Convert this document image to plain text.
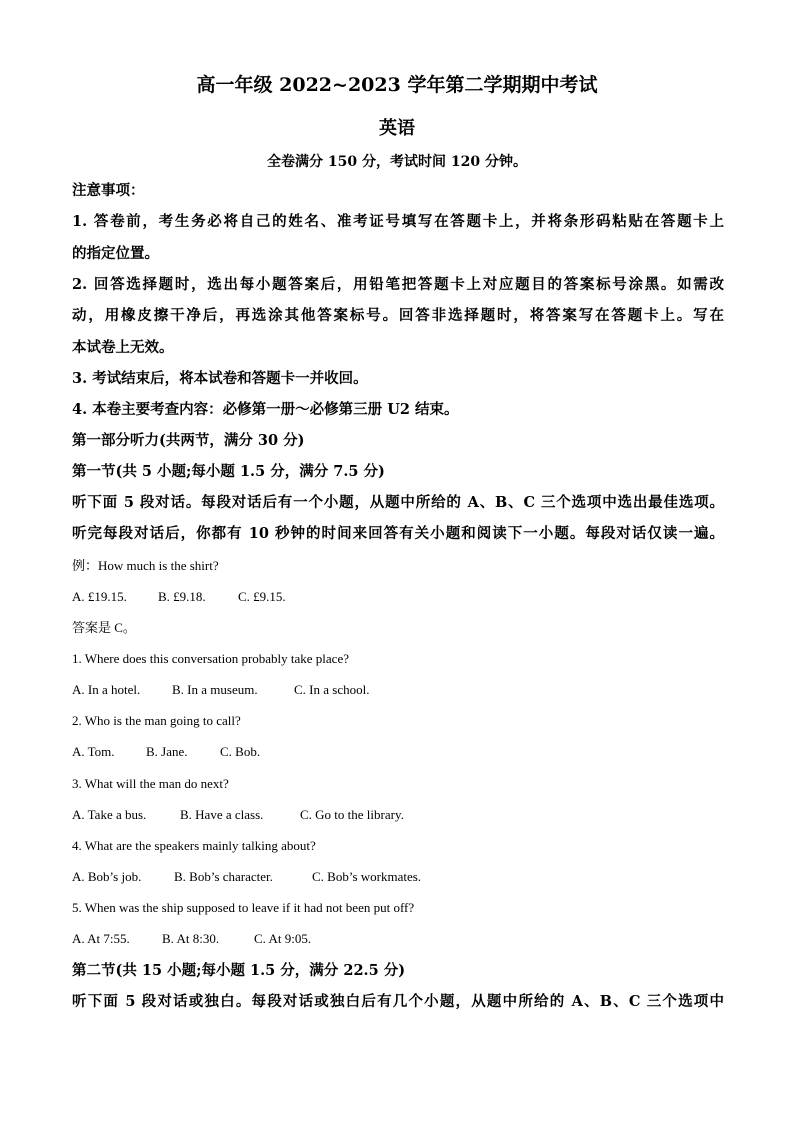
高一年级 2022~2023 学年第二学期期中考试
英语
全卷满分 150 分，考试时间 120 分钟。
注意事项：
1. 答卷前，考生务必将自己的姓名、准考证号填写在答题卡上，并将条形码粘贴在答题卡上
的指定位置。
2. 回答选择题时，选出每小题答案后，用铅笔把答题卡上对应题目的答案标号涂黑。如需改
动，用橡皮擦干净后，再选涂其他答案标号。回答非选择题时，将答案写在答题卡上。写在
本试卷上无效。
3. 考试结束后，将本试卷和答题卡一并收回。
4. 本卷主要考查内容：必修第一册～必修第三册 U2 结束。
第一部分听力(共两节，满分 30 分)
第一节(共 5 小题;每小题 1.5 分，满分 7.5 分)
听下面 5 段对话。每段对话后有一个小题，从题中所给的 A、B、C 三个选项中选出最佳选项。
听完每段对话后，你都有 10 秒钟的时间来回答有关小题和阅读下一小题。每段对话仅读一遍。
例：How much is the shirt?
A. £19.15. B. £9.18. C. £9.15.
答案是 C。
1. Where does this conversation probably take place?
A. In a hotel. B. In a museum.	C. In a school.
2. Who is the man going to call?
A. Tom. B. Jane. C. Bob.
3. What will the man do next?
A. Take a bus.	B. Have a class.	C. Go to the library.
4. What are the speakers mainly talking about?
A. Bob’s job.	B. Bob’s character.	C. Bob’s workmates.
5. When was the ship supposed to leave if it had not been put off?
A. At 7:55. B. At 8:30.	C. At 9:05.
第二节(共 15 小题;每小题 1.5 分，满分 22.5 分)
听下面 5 段对话或独白。每段对话或独白后有几个小题，从题中所给的 A、B、C 三个选项中
